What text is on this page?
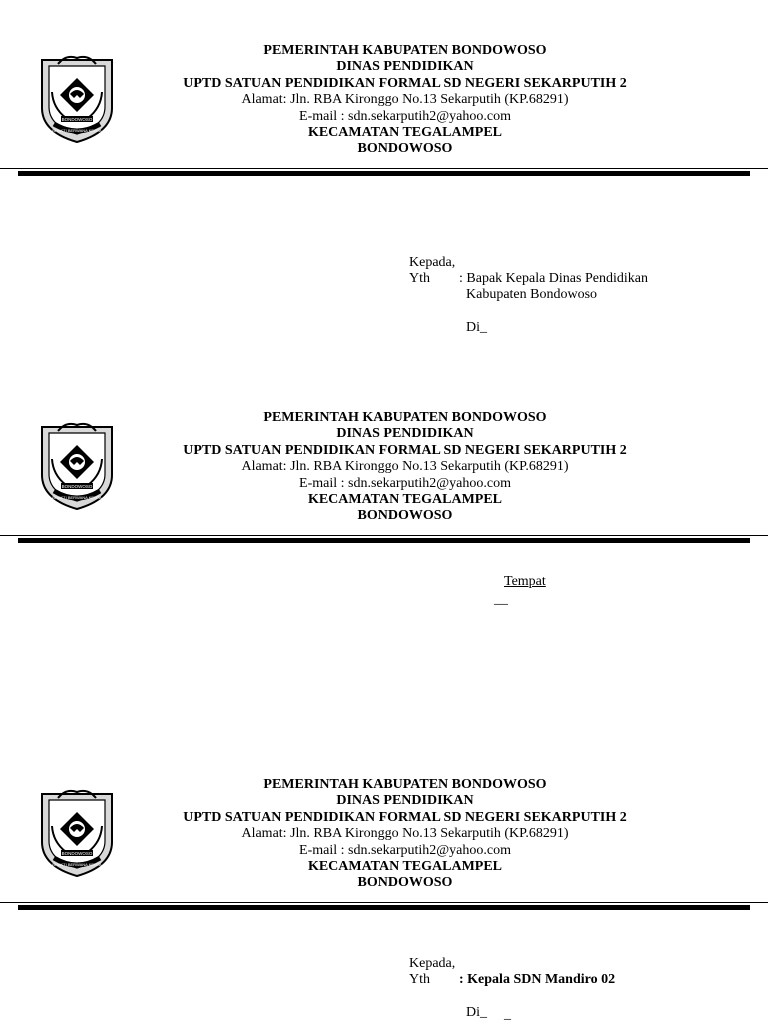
PEMERINTAH KABUPATEN BONDOWOSO
DINAS PENDIDIKAN
UPTD SATUAN PENDIDIKAN FORMAL SD NEGERI SEKARPUTIH 2
Alamat: Jln. RBA Kironggo No.13 Sekarputih (KP.68291)
E-mail : sdn.sekarputih2@yahoo.com
KECAMATAN TEGALAMPEL
BONDOWOSO
Kepada,
Yth : Bapak Kepala Dinas Pendidikan
Kabupaten Bondowoso
Di_
PEMERINTAH KABUPATEN BONDOWOSO
DINAS PENDIDIKAN
UPTD SATUAN PENDIDIKAN FORMAL SD NEGERI SEKARPUTIH 2
Alamat: Jln. RBA Kironggo No.13 Sekarputih (KP.68291)
E-mail : sdn.sekarputih2@yahoo.com
KECAMATAN TEGALAMPEL
BONDOWOSO
Tempat
__
PEMERINTAH KABUPATEN BONDOWOSO
DINAS PENDIDIKAN
UPTD SATUAN PENDIDIKAN FORMAL SD NEGERI SEKARPUTIH 2
Alamat: Jln. RBA Kironggo No.13 Sekarputih (KP.68291)
E-mail : sdn.sekarputih2@yahoo.com
KECAMATAN TEGALAMPEL
BONDOWOSO
Kepada,
Yth : Kepala SDN Mandiro 02
Di_ _
